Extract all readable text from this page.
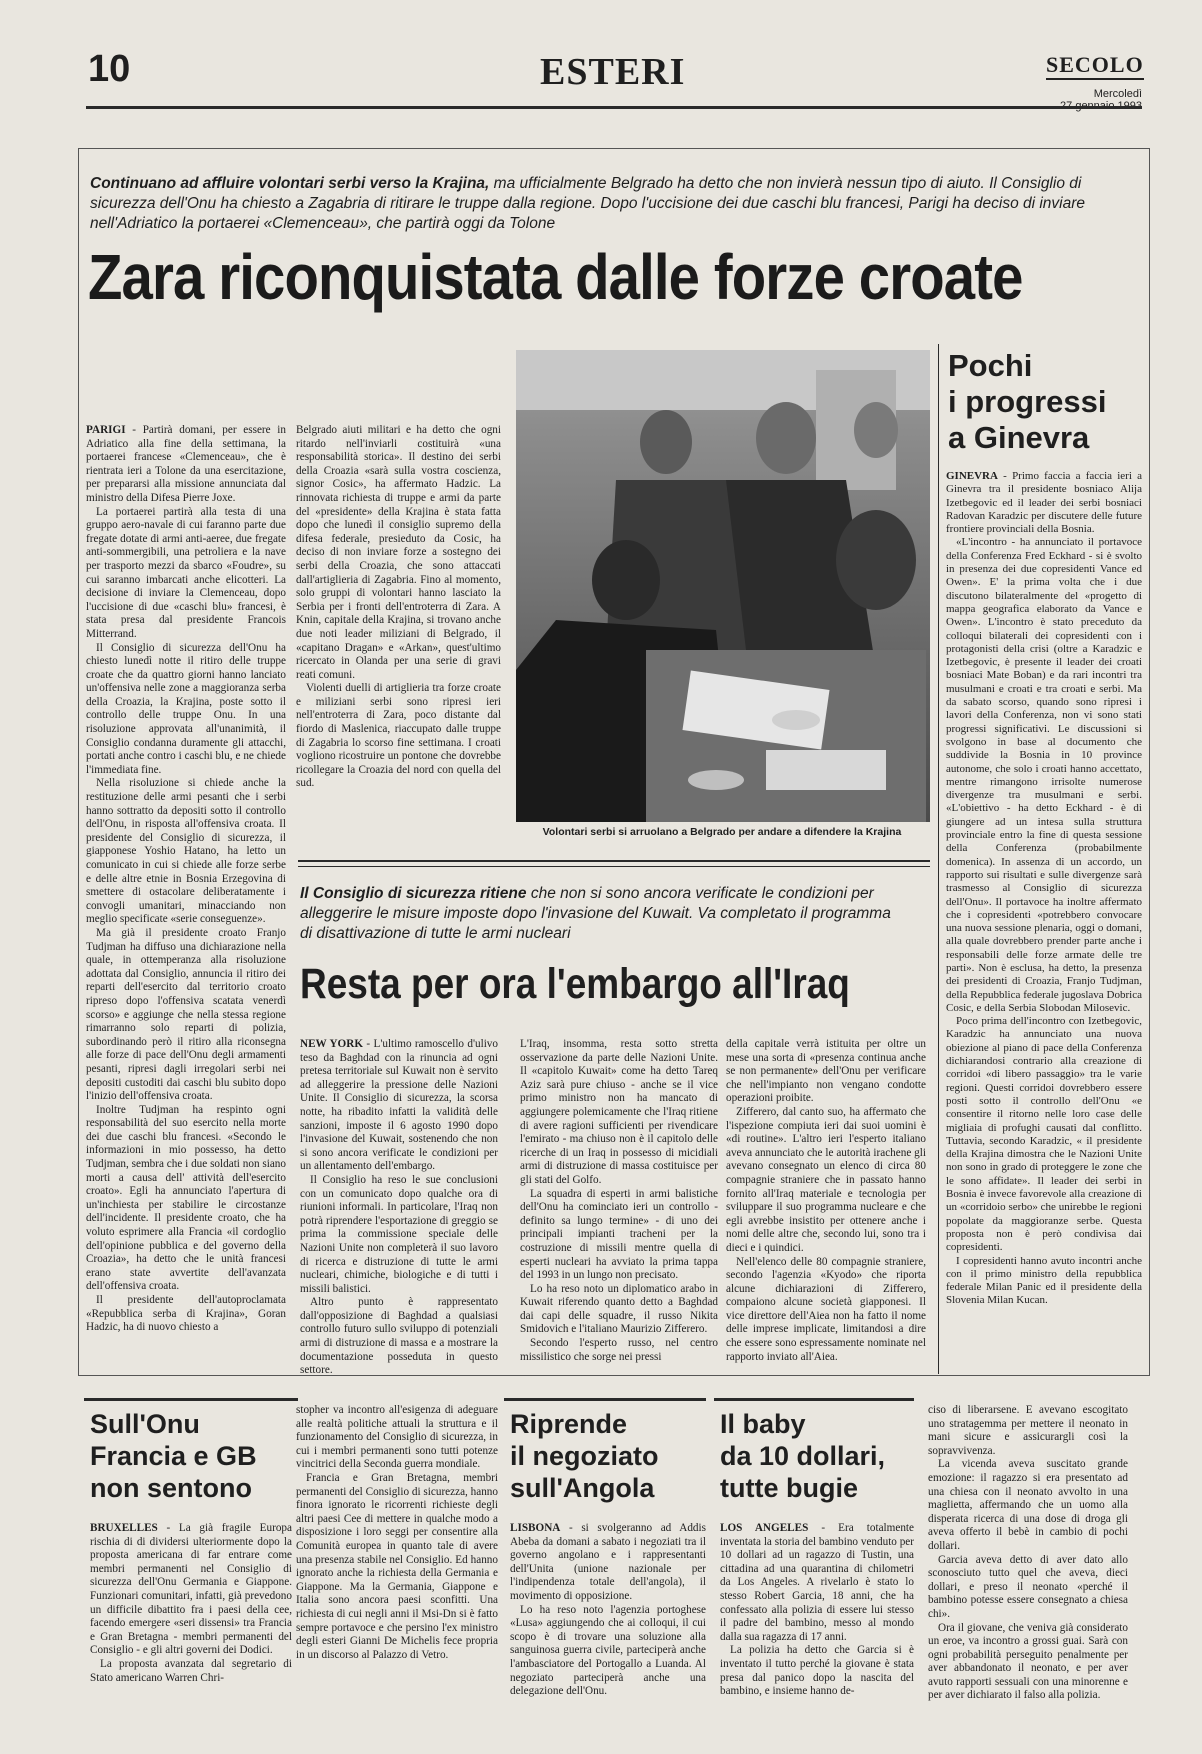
10	ESTERI	SECOLO
Mercoledì
Continuano ad affluire volontari serbi verso la Krajina, ma ufficialmente Belgrado ha detto che non invierà nessun tipo di aiuto. Il Consiglio di sicurezza dell'Onu ha chiesto a Zagabria di ritirare le truppe dalla regione. Dopo l'uccisione dei due caschi blu francesi, Parigi ha deciso di inviare nell'Adriatico la portaerei «Clemenceau», che partirà oggi da Tolone
Zara riconquistata dalle forze croate

PARIGI - Partirà domani, per essere in Adriatico alla fine della settimana, la portaerei francese «Clemenceau», che è rientrata ieri a Tolone da una esercitazione, per prepararsi alla missione annunciata dal ministro della Difesa Pierre Joxe.

La portaerei partirà alla testa di una gruppo aero-navale di cui faranno parte due fregate dotate di armi anti-aeree, due fregate anti-sommergibili, una petroliera e la nave per trasporto mezzi da sbarco «Foudre», su cui saranno imbarcati anche elicotteri. La decisione di inviare la Clemenceau, dopo l'uccisione di due «caschi blu» francesi, è stata presa dal presidente Francois Mitterrand.

Il Consiglio di sicurezza dell'Onu ha chiesto lunedì notte il ritiro delle truppe croate che da quattro giorni hanno lanciato un'offensiva nelle zone a maggioranza serba della Croazia, la Krajina, poste sotto il controllo delle truppe Onu. In una risoluzione approvata all'unanimità, il Consiglio condanna duramente gli attacchi, portati anche contro i caschi blu, e ne chiede l'immediata fine.

Nella risoluzione si chiede anche la restituzione delle armi pesanti che i serbi hanno sottratto da depositi sotto il controllo dell'Onu, in risposta all'offensiva croata. Il presidente del Consiglio di sicurezza, il giapponese Yoshio Hatano, ha letto un comunicato in cui si chiede alle forze serbe e delle altre etnie in Bosnia Erzegovina di smettere di ostacolare deliberatamente i convogli umanitari, minacciando non meglio specificate «serie conseguenze».

Ma già il presidente croato Franjo Tudjman ha diffuso una dichiarazione nella quale, in ottemperanza alla risoluzione adottata dal Consiglio, annuncia il ritiro dei reparti dell'esercito dal territorio croato ripreso dopo l'offensiva scatata venerdì scorso» e aggiunge che nella stessa regione rimarranno solo reparti di polizia, subordinando però il ritiro alla riconsegna alle forze di pace dell'Onu degli armamenti pesanti, ripresi dagli irregolari serbi nei depositi custoditi dai caschi blu subito dopo l'inizio dell'offensiva croata.

Inoltre Tudjman ha respinto ogni responsabilità del suo esercito nella morte dei due caschi blu francesi. «Secondo le informazioni in mio possesso, ha detto Tudjman, sembra che i due soldati non siano morti a causa dell' attività dell'esercito croato». Egli ha annunciato l'apertura di un'inchiesta per stabilire le circostanze dell'incidente. Il presidente croato, che ha voluto esprimere alla Francia «il cordoglio dell'opinione pubblica e del governo della Croazia», ha detto che le unità francesi erano state avvertite dell'avanzata dell'offensiva croata.

Il presidente dell'autoproclamata «Repubblica serba di Krajina», Goran Hadzic, ha di nuovo chiesto a

Belgrado aiuti militari e ha detto che ogni ritardo nell'inviarli costituirà «una responsabilità storica». Il destino dei serbi della Croazia «sarà sulla vostra coscienza, signor Cosic», ha affermato Hadzic. La rinnovata richiesta di truppe e armi da parte del «presidente» della Krajina è stata fatta dopo che lunedì il consiglio supremo della difesa federale, presieduto da Cosic, ha deciso di non inviare forze a sostegno dei serbi della Croazia, che sono attaccati dall'artiglieria di Zagabria. Fino al momento, solo gruppi di volontari hanno lasciato la Serbia per i fronti dell'entroterra di Zara. A Knin, capitale della Krajina, si trovano anche due noti leader miliziani di Belgrado, il «capitano Dragan» e «Arkan», quest'ultimo ricercato in Olanda per una serie di gravi reati comuni.

Violenti duelli di artiglieria tra forze croate e miliziani serbi sono ripresi ieri nell'entroterra di Zara, poco distante dal fiordo di Maslenica, riaccupato dalle truppe di Zagabria lo scorso fine settimana. I croati vogliono ricostruire un pontone che dovrebbe ricollegare la Croazia del nord con quella del sud.

Volontari serbi si arruolano a Belgrado per andare a difendere la Krajina
Pochi
i progressi
a Ginevra

GINEVRA - Primo faccia a faccia ieri a Ginevra tra il presidente bosniaco Alija Izetbegovic ed il leader dei serbi bosniaci Radovan Karadzic per discutere delle future frontiere provinciali della Bosnia.

«L'incontro - ha annunciato il portavoce della Conferenza Fred Eckhard - si è svolto in presenza dei due copresidenti Vance ed Owen». E' la prima volta che i due discutono bilateralmente del «progetto di mappa geografica elaborato da Vance e Owen». L'incontro è stato preceduto da colloqui bilaterali dei copresidenti con i protagonisti della crisi (oltre a Karadzic e Izetbegovic, è presente il leader dei croati bosniaci Mate Boban) e da rari incontri tra musulmani e croati e tra croati e serbi. Ma da sabato scorso, quando sono ripresi i lavori della Conferenza, non vi sono stati progressi significativi. Le discussioni si svolgono in base al documento che suddivide la Bosnia in 10 province autonome, che solo i croati hanno accettato, mentre rimangono irrisolte numerose divergenze tra musulmani e serbi. «L'obiettivo - ha detto Eckhard - è di giungere ad un intesa sulla struttura provinciale entro la fine di questa sessione della Conferenza (probabilmente domenica). In assenza di un accordo, un rapporto sui risultati e sulle divergenze sarà trasmesso al Consiglio di sicurezza dell'Onu». Il portavoce ha inoltre affermato che i copresidenti «potrebbero convocare una nuova sessione plenaria, oggi o domani, alla quale dovrebbero prender parte anche i responsabili delle forze armate delle tre parti». Non è esclusa, ha detto, la presenza dei presidenti di Croazia, Franjo Tudjman, della Repubblica federale jugoslava Dobrica Cosic, e della Serbia Slobodan Milosevic.

Poco prima dell'incontro con Izetbegovic, Karadzic ha annunciato una nuova obiezione al piano di pace della Conferenza dichiarandosi contrario alla creazione di corridoi «di libero passaggio» tra le varie regioni. Questi corridoi dovrebbero essere posti sotto il controllo dell'Onu «e consentire il ritorno nelle loro case delle migliaia di profughi causati dal conflitto. Tuttavia, secondo Karadzic, « il presidente della Krajina dimostra che le Nazioni Unite non sono in grado di proteggere le zone che le sono affidate». Il leader dei serbi in Bosnia è invece favorevole alla creazione di un «corridoio serbo» che unirebbe le regioni popolate da maggioranze serbe. Questa proposta non è però condivisa dai copresidenti.

I copresidenti hanno avuto incontri anche con il primo ministro della repubblica federale Milan Panic ed il presidente della Slovenia Milan Kucan.

Il Consiglio di sicurezza ritiene che non si sono ancora verificate le condizioni per alleggerire le misure imposte dopo l'invasione del Kuwait. Va completato il programma di disattivazione di tutte le armi nucleari
Resta per ora l'embargo all'Iraq

NEW YORK - L'ultimo ramoscello d'ulivo teso da Baghdad con la rinuncia ad ogni pretesa territoriale sul Kuwait non è servito ad alleggerire la pressione delle Nazioni Unite. Il Consiglio di sicurezza, la scorsa notte, ha ribadito infatti la validità delle sanzioni, imposte il 6 agosto 1990 dopo l'invasione del Kuwait, sostenendo che non si sono ancora verificate le condizioni per un allentamento dell'embargo.

Il Consiglio ha reso le sue conclusioni con un comunicato dopo qualche ora di riunioni informali. In particolare, l'Iraq non potrà riprendere l'esportazione di greggio se prima la commissione speciale delle Nazioni Unite non completerà il suo lavoro di ricerca e distruzione di tutte le armi nucleari, chimiche, biologiche e di tutti i missili balistici.

Altro punto è rappresentato dall'opposizione di Baghdad a qualsiasi controllo futuro sullo sviluppo di potenziali armi di distruzione di massa e a mostrare la documentazione posseduta in questo settore.

L'Iraq, insomma, resta sotto stretta osservazione da parte delle Nazioni Unite. Il «capitolo Kuwait» come ha detto Tareq Aziz sarà pure chiuso - anche se il vice primo ministro non ha mancato di aggiungere polemicamente che l'Iraq ritiene di avere ragioni sufficienti per rivendicare l'emirato - ma chiuso non è il capitolo delle ricerche di un Iraq in possesso di micidiali armi di distruzione di massa costituisce per gli stati del Golfo.

La squadra di esperti in armi balistiche dell'Onu ha cominciato ieri un controllo - definito sa lungo termine» - di uno dei principali impianti tracheni per la costruzione di missili mentre quella di esperti nucleari ha avviato la prima tappa del 1993 in un lungo non precisato.

Lo ha reso noto un diplomatico arabo in Kuwait riferendo quanto detto a Baghdad dai capi delle squadre, il russo Nikita Smidovich e l'italiano Maurizio Zifferero.

Secondo l'esperto russo, nel centro missilistico che sorge nei pressi

della capitale verrà istituita per oltre un mese una sorta di «presenza continua anche se non permanente» dell'Onu per verificare che nell'impianto non vengano condotte operazioni proibite.

Zifferero, dal canto suo, ha affermato che l'ispezione compiuta ieri dai suoi uomini è «di routine». L'altro ieri l'esperto italiano aveva annunciato che le autorità irachene gli avevano consegnato un elenco di circa 80 compagnie straniere che in passato hanno fornito all'Iraq materiale e tecnologia per sviluppare il suo programma nucleare e che egli avrebbe insistito per ottenere anche i nomi delle altre che, secondo lui, sono tra i dieci e i quindici.

Nell'elenco delle 80 compagnie straniere, secondo l'agenzia «Kyodo» che riporta alcune dichiarazioni di Zifferero, compaiono alcune società giapponesi. Il vice direttore dell'Aiea non ha fatto il nome delle imprese implicate, limitandosi a dire che essere sono espressamente nominate nel rapporto inviato all'Aiea.

Sull'Onu
Francia e GB
non sentono

BRUXELLES - La già fragile Europa rischia di di dividersi ulteriormente dopo la proposta americana di far entrare come membri permanenti nel Consiglio di sicurezza dell'Onu Germania e Giappone. Funzionari comunitari, infatti, già prevedono un difficile dibattito fra i paesi della cee, facendo emergere «seri dissensi» tra Francia e Gran Bretagna - membri permanenti del Consiglio - e gli altri governi dei Dodici.

La proposta avanzata dal segretario di Stato americano Warren Chri-

stopher va incontro all'esigenza di adeguare alle realtà politiche attuali la struttura e il funzionamento del Consiglio di sicurezza, in cui i membri permanenti sono tutti potenze vincitrici della Seconda guerra mondiale.

Francia e Gran Bretagna, membri permanenti del Consiglio di sicurezza, hanno finora ignorato le ricorrenti richieste degli altri paesi Cee di mettere in qualche modo a disposizione i loro seggi per consentire alla Comunità europea in quanto tale di avere una presenza stabile nel Consiglio. Ed hanno ignorato anche la richiesta della Germania e Giappone. Ma la Germania, Giappone e Italia sono ancora paesi sconfitti. Una richiesta di cui negli anni il Msi-Dn si è fatto sempre portavoce e che persino l'ex ministro degli esteri Gianni De Michelis fece propria in un discorso al Palazzo di Vetro.

Riprende
il negoziato
sull'Angola

LISBONA - si svolgeranno ad Addis Abeba da domani a sabato i negoziati tra il governo angolano e i rappresentanti dell'Unita (unione nazionale per l'indipendenza totale dell'angola), il movimento di opposizione.

Lo ha reso noto l'agenzia portoghese «Lusa» aggiungendo che ai colloqui, il cui scopo è di trovare una soluzione alla sanguinosa guerra civile, parteciperà anche l'ambasciatore del Portogallo a Luanda. Al negoziato parteciperà anche una delegazione dell'Onu.

Il baby
da 10 dollari,
tutte bugie

LOS ANGELES - Era totalmente inventata la storia del bambino venduto per 10 dollari ad un ragazzo di Tustin, una cittadina ad una quarantina di chilometri da Los Angeles. A rivelarlo è stato lo stesso Robert Garcia, 18 anni, che ha confessato alla polizia di essere lui stesso il padre del bambino, messo al mondo dalla sua ragazza di 17 anni.

La polizia ha detto che Garcia si è inventato il tutto perché la giovane è stata presa dal panico dopo la nascita del bambino, e insieme hanno de-

ciso di liberarsene. E avevano escogitato uno stratagemma per mettere il neonato in mani sicure e assicurargli così la sopravvivenza.

La vicenda aveva suscitato grande emozione: il ragazzo si era presentato ad una chiesa con il neonato avvolto in una maglietta, affermando che un uomo alla disperata ricerca di una dose di droga gli aveva offerto il bebè in cambio di pochi dollari.

Garcia aveva detto di aver dato allo sconosciuto tutto quel che aveva, dieci dollari, e preso il neonato «perché il bambino potesse essere consegnato a chiesa chi».

Ora il giovane, che veniva già considerato un eroe, va incontro a grossi guai. Sarà con ogni probabilità perseguito penalmente per aver abbandonato il neonato, e per aver avuto rapporti sessuali con una minorenne e per aver dichiarato il falso alla polizia.
